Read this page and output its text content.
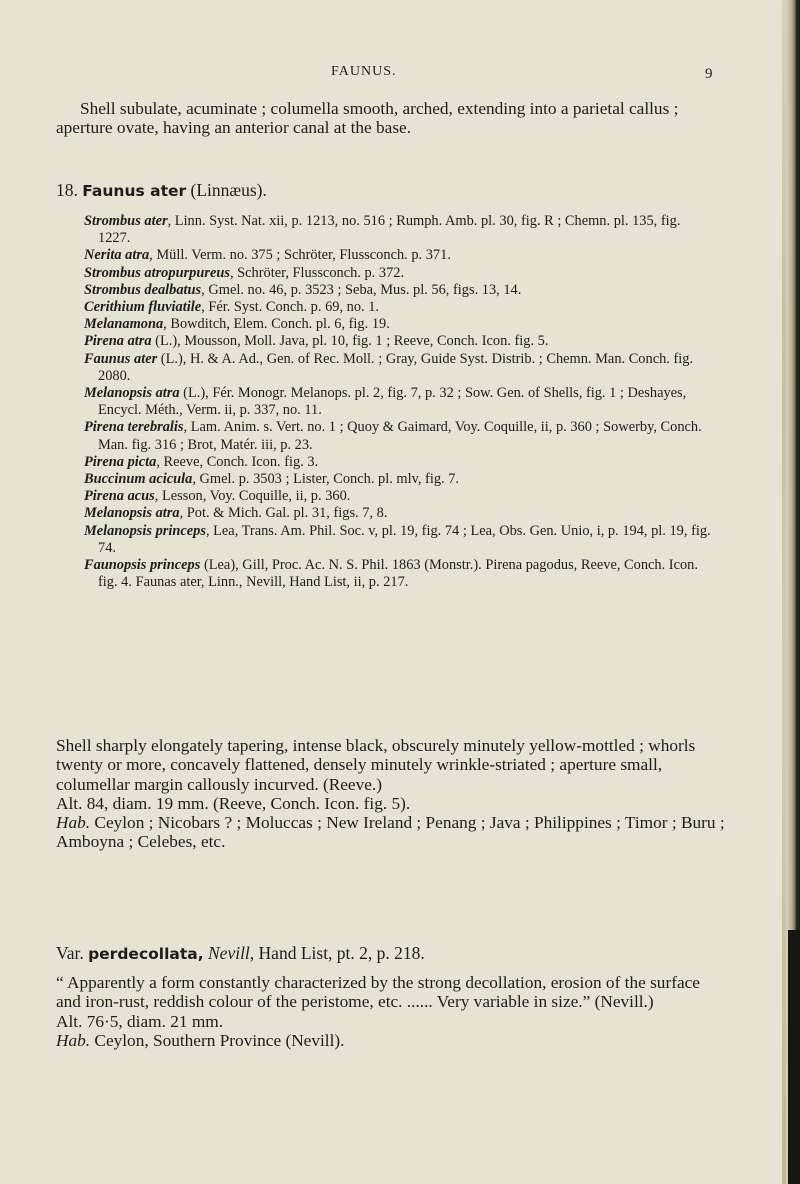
FAUNUS.	9

Shell subulate, acuminate ; columella smooth, arched, extending into a parietal callus ; aperture ovate, having an anterior canal at the base.

18. Faunus ater (Linnæus).

Strombus ater, Linn. Syst. Nat. xii, p. 1213, no. 516 ; Rumph. Amb. pl. 30, fig. R ; Chemn. pl. 135, fig. 1227.

Nerita atra, Müll. Verm. no. 375 ; Schröter, Flussconch. p. 371.

Strombus atropurpureus, Schröter, Flussconch. p. 372.

Strombus dealbatus, Gmel. no. 46, p. 3523 ; Seba, Mus. pl. 56, figs. 13, 14.

Cerithium fluviatile, Fér. Syst. Conch. p. 69, no. 1.

Melanamona, Bowditch, Elem. Conch. pl. 6, fig. 19.

Pirena atra (L.), Mousson, Moll. Java, pl. 10, fig. 1 ; Reeve, Conch. Icon. fig. 5.

Faunus ater (L.), H. & A. Ad., Gen. of Rec. Moll. ; Gray, Guide Syst. Distrib. ; Chemn. Man. Conch. fig. 2080.

Melanopsis atra (L.), Fér. Monogr. Melanops. pl. 2, fig. 7, p. 32 ; Sow. Gen. of Shells, fig. 1 ; Deshayes, Encycl. Méth., Verm. ii, p. 337, no. 11.

Pirena terebralis, Lam. Anim. s. Vert. no. 1 ; Quoy & Gaimard, Voy. Coquille, ii, p. 360 ; Sowerby, Conch. Man. fig. 316 ; Brot, Matér. iii, p. 23.

Pirena picta, Reeve, Conch. Icon. fig. 3.

Buccinum acicula, Gmel. p. 3503 ; Lister, Conch. pl. mlv, fig. 7.

Pirena acus, Lesson, Voy. Coquille, ii, p. 360.

Melanopsis atra, Pot. & Mich. Gal. pl. 31, figs. 7, 8.

Melanopsis princeps, Lea, Trans. Am. Phil. Soc. v, pl. 19, fig. 74 ; Lea, Obs. Gen. Unio, i, p. 194, pl. 19, fig. 74.

Faunopsis princeps (Lea), Gill, Proc. Ac. N. S. Phil. 1863 (Monstr.). Pirena pagodus, Reeve, Conch. Icon. fig. 4. Faunas ater, Linn., Nevill, Hand List, ii, p. 217.

Shell sharply elongately tapering, intense black, obscurely minutely yellow-mottled ; whorls twenty or more, concavely flattened, densely minutely wrinkle-striated ; aperture small, columellar margin callously incurved. (Reeve.)

Alt. 84, diam. 19 mm. (Reeve, Conch. Icon. fig. 5).

Hab. Ceylon ; Nicobars ? ; Moluccas ; New Ireland ; Penang ; Java ; Philippines ; Timor ; Buru ; Amboyna ; Celebes, etc.

Var. perdecollata, Nevill, Hand List, pt. 2, p. 218.

“ Apparently a form constantly characterized by the strong decollation, erosion of the surface and iron-rust, reddish colour of the peristome, etc. ...... Very variable in size.” (Nevill.)

Alt. 76·5, diam. 21 mm.

Hab. Ceylon, Southern Province (Nevill).
